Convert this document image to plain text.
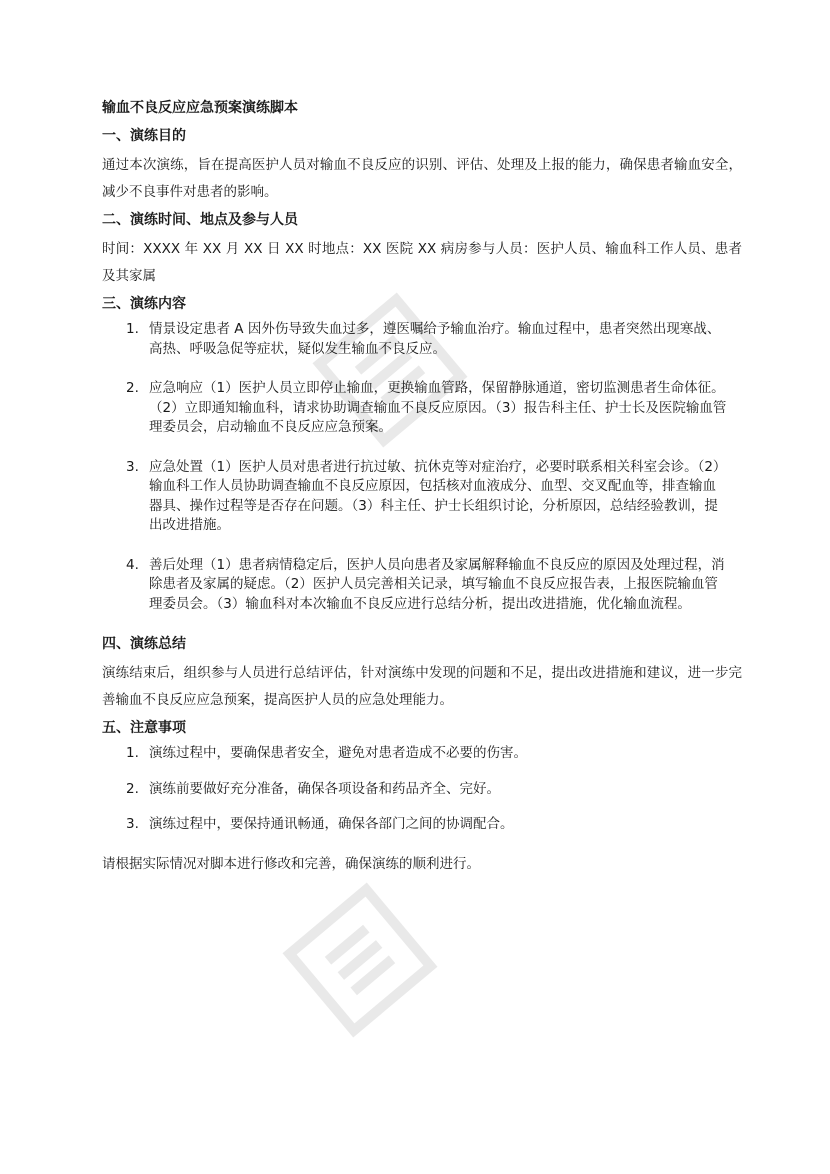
输血不良反应应急预案演练脚本
一、演练目的

通过本次演练，旨在提高医护人员对输血不良反应的识别、评估、处理及上报的能力，确保患者输血安全，减少不良事件对患者的影响。

二、演练时间、地点及参与人员

时间：XXXX 年 XX 月 XX 日 XX 时地点：XX 医院 XX 病房参与人员：医护人员、输血科工作人员、患者及其家属

三、演练内容
1. 情景设定患者 A 因外伤导致失血过多，遵医嘱给予输血治疗。输血过程中，患者突然出现寒战、高热、呼吸急促等症状，疑似发生输血不良反应。
2. 应急响应（1）医护人员立即停止输血，更换输血管路，保留静脉通道，密切监测患者生命体征。（2）立即通知输血科，请求协助调查输血不良反应原因。（3）报告科主任、护士长及医院输血管理委员会，启动输血不良反应应急预案。
3. 应急处置（1）医护人员对患者进行抗过敏、抗休克等对症治疗，必要时联系相关科室会诊。（2）输血科工作人员协助调查输血不良反应原因，包括核对血液成分、血型、交叉配血等，排查输血器具、操作过程等是否存在问题。（3）科主任、护士长组织讨论，分析原因，总结经验教训，提出改进措施。
4. 善后处理（1）患者病情稳定后，医护人员向患者及家属解释输血不良反应的原因及处理过程，消除患者及家属的疑虑。（2）医护人员完善相关记录，填写输血不良反应报告表，上报医院输血管理委员会。（3）输血科对本次输血不良反应进行总结分析，提出改进措施，优化输血流程。
四、演练总结

演练结束后，组织参与人员进行总结评估，针对演练中发现的问题和不足，提出改进措施和建议，进一步完善输血不良反应应急预案，提高医护人员的应急处理能力。

五、注意事项
1. 演练过程中，要确保患者安全，避免对患者造成不必要的伤害。
2. 演练前要做好充分准备，确保各项设备和药品齐全、完好。
3. 演练过程中，要保持通讯畅通，确保各部门之间的协调配合。

请根据实际情况对脚本进行修改和完善，确保演练的顺利进行。
